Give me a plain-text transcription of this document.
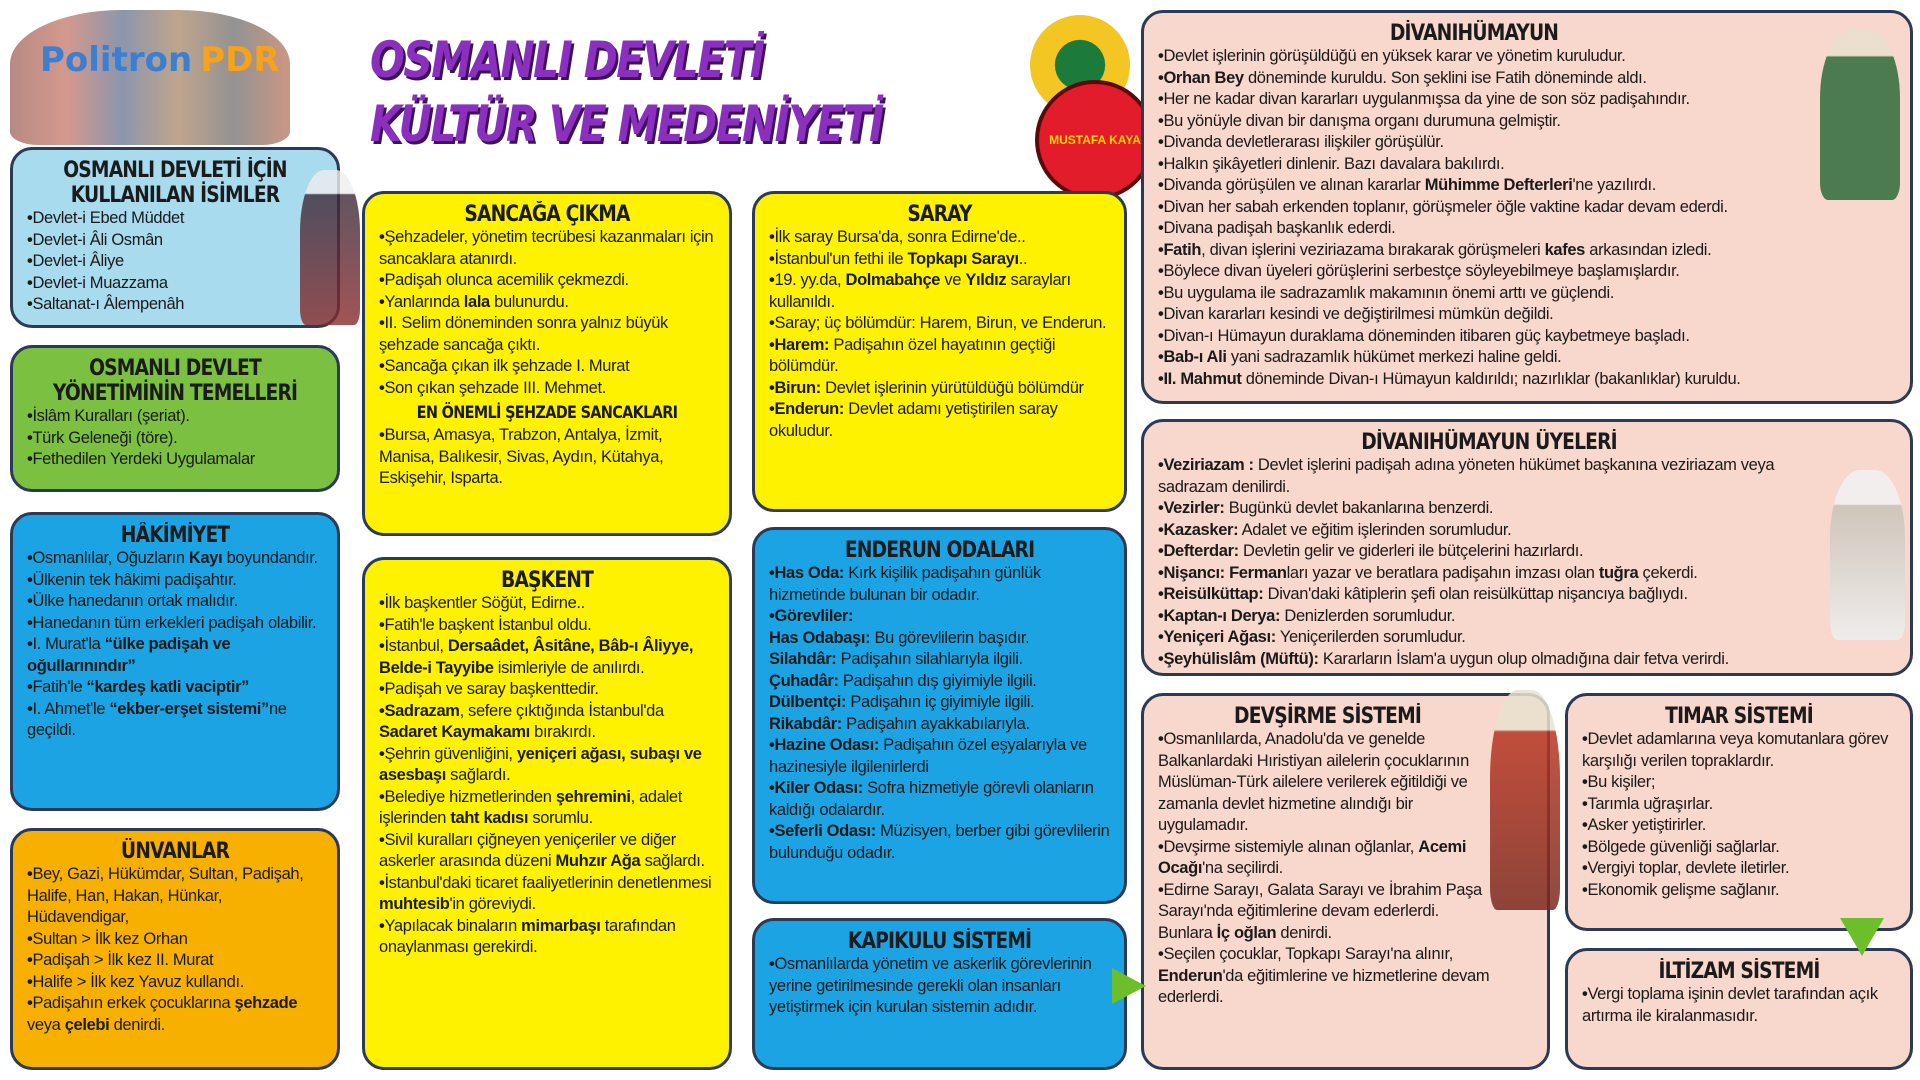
Politron PDR OSMANLI DEVLETİ
KÜLTÜR VE MEDENİYETİ	MUSTAFA KAYA
OSMANLI DEVLETİ İÇİN KULLANILAN İSİMLER
• Devlet-i Ebed Müddet
• Devlet-i Âli Osmân
• Devlet-i Âliye
• Devlet-i Muazzama
• Saltanat-ı Âlempenâh
OSMANLI DEVLET YÖNETİMİNİN TEMELLERİ
• İslâm Kuralları (şeriat).
• Türk Geleneği (töre).
• Fethedilen Yerdeki Uygulamalar
HÂKİMİYET
• Osmanlılar, Oğuzların Kayı boyundandır.
• Ülkenin tek hâkimi padişahtır.
• Ülke hanedanın ortak malıdır.
• Hanedanın tüm erkekleri padişah olabilir.
• I. Murat'la “ülke padişah ve oğullarınındır”
• Fatih'le “kardeş katli vaciptir”
• I. Ahmet'le “ekber-erşet sistemi”ne geçildi.
ÜNVANLAR
• Bey, Gazi, Hükümdar, Sultan, Padişah, Halife, Han, Hakan, Hünkar, Hüdavendigar,
• Sultan > İlk kez Orhan
• Padişah > İlk kez II. Murat
• Halife > İlk kez Yavuz kullandı.
• Padişahın erkek çocuklarına şehzade veya çelebi denirdi.
SANCAĞA ÇIKMA
• Şehzadeler, yönetim tecrübesi kazanmaları için sancaklara atanırdı.
• Padişah olunca acemilik çekmezdi.
• Yanlarında lala bulunurdu.
• II. Selim döneminden sonra yalnız büyük şehzade sancağa çıktı.
• Sancağa çıkan ilk şehzade I. Murat
• Son çıkan şehzade III. Mehmet.
EN ÖNEMLİ ŞEHZADE SANCAKLARI
• Bursa, Amasya, Trabzon, Antalya, İzmit, Manisa, Balıkesir, Sivas, Aydın, Kütahya, Eskişehir, Isparta.
BAŞKENT
• İlk başkentler Söğüt, Edirne..
• Fatih'le başkent İstanbul oldu.
• İstanbul, Dersaâdet, Âsitâne, Bâb-ı Âliyye, Belde-i Tayyibe isimleriyle de anılırdı.
• Padişah ve saray başkenttedir.
• Sadrazam, sefere çıktığında İstanbul'da Sadaret Kaymakamı bırakırdı.
• Şehrin güvenliğini, yeniçeri ağası, subaşı ve asesbaşı sağlardı.
• Belediye hizmetlerinden şehremini, adalet işlerinden taht kadısı sorumlu.
• Sivil kuralları çiğneyen yeniçeriler ve diğer askerler arasında düzeni Muhzır Ağa sağlardı.
• İstanbul'daki ticaret faaliyetlerinin denetlenmesi muhtesib'in göreviydi.
• Yapılacak binaların mimarbaşı tarafından onaylanması gerekirdi.
SARAY
• İlk saray Bursa'da, sonra Edirne'de..
• İstanbul'un fethi ile Topkapı Sarayı..
• 19. yy.da, Dolmabahçe ve Yıldız sarayları kullanıldı.
• Saray; üç bölümdür: Harem, Birun, ve Enderun.
• Harem: Padişahın özel hayatının geçtiği bölümdür.
• Birun: Devlet işlerinin yürütüldüğü bölümdür
• Enderun: Devlet adamı yetiştirilen saray okuludur.
ENDERUN ODALARI
• Has Oda: Kırk kişilik padişahın günlük hizmetinde bulunan bir odadır.
• Görevliler:
Has Odabaşı: Bu görevlilerin başıdır.
Silahdâr: Padişahın silahlarıyla ilgili.
Çuhadâr: Padişahın dış giyimiyle ilgili.
Dülbentçi: Padişahın iç giyimiyle ilgili.
Rikabdâr: Padişahın ayakkabılarıyla.
• Hazine Odası: Padişahın özel eşyalarıyla ve hazinesiyle ilgilenirlerdi
• Kiler Odası: Sofra hizmetiyle görevli olanların kaldığı odalardır.
• Seferli Odası: Müzisyen, berber gibi görevlilerin bulunduğu odadır.
KAPIKULU SİSTEMİ
• Osmanlılarda yönetim ve askerlik görevlerinin yerine getirilmesinde gerekli olan insanları yetiştirmek için kurulan sistemin adıdır.
DİVANIHÜMAYUN
• Devlet işlerinin görüşüldüğü en yüksek karar ve yönetim kuruludur.
• Orhan Bey döneminde kuruldu. Son şeklini ise Fatih döneminde aldı.
• Her ne kadar divan kararları uygulanmışsa da yine de son söz padişahındır.
• Bu yönüyle divan bir danışma organı durumuna gelmiştir.
• Divanda devletlerarası ilişkiler görüşülür.
• Halkın şikâyetleri dinlenir. Bazı davalara bakılırdı.
• Divanda görüşülen ve alınan kararlar Mühimme Defterleri'ne yazılırdı.
• Divan her sabah erkenden toplanır, görüşmeler öğle vaktine kadar devam ederdi.
• Divana padişah başkanlık ederdi.
• Fatih, divan işlerini veziriazama bırakarak görüşmeleri kafes arkasından izledi.
• Böylece divan üyeleri görüşlerini serbestçe söyleyebilmeye başlamışlardır.
• Bu uygulama ile sadrazamlık makamının önemi arttı ve güçlendi.
• Divan kararları kesindi ve değiştirilmesi mümkün değildi.
• Divan-ı Hümayun duraklama döneminden itibaren güç kaybetmeye başladı.
• Bab-ı Ali yani sadrazamlık hükümet merkezi haline geldi.
• II. Mahmut döneminde Divan-ı Hümayun kaldırıldı; nazırlıklar (bakanlıklar) kuruldu.
DİVANIHÜMAYUN ÜYELERİ
• Veziriazam : Devlet işlerini padişah adına yöneten hükümet başkanına veziriazam veya sadrazam denilirdi.
• Vezirler: Bugünkü devlet bakanlarına benzerdi.
• Kazasker: Adalet ve eğitim işlerinden sorumludur.
• Defterdar: Devletin gelir ve giderleri ile bütçelerini hazırlardı.
• Nişancı: Fermanları yazar ve beratlara padişahın imzası olan tuğra çekerdi.
• Reisülküttap: Divan'daki kâtiplerin şefi olan reisülküttap nişancıya bağlıydı.
• Kaptan-ı Derya: Denizlerden sorumludur.
• Yeniçeri Ağası: Yeniçerilerden sorumludur.
• Şeyhülislâm (Müftü): Kararların İslam'a uygun olup olmadığına dair fetva verirdi.
DEVŞİRME SİSTEMİ
• Osmanlılarda, Anadolu'da ve genelde Balkanlardaki Hıristiyan ailelerin çocuklarının Müslüman-Türk ailelere verilerek eğitildiği ve zamanla devlet hizmetine alındığı bir uygulamadır.
• Devşirme sistemiyle alınan oğlanlar, Acemi Ocağı'na seçilirdi.
• Edirne Sarayı, Galata Sarayı ve İbrahim Paşa Sarayı'nda eğitimlerine devam ederlerdi. Bunlara İç oğlan denirdi.
• Seçilen çocuklar, Topkapı Sarayı'na alınır, Enderun'da eğitimlerine ve hizmetlerine devam ederlerdi.
TIMAR SİSTEMİ
• Devlet adamlarına veya komutanlara görev karşılığı verilen topraklardır.
• Bu kişiler;
• Tarımla uğraşırlar.
• Asker yetiştirirler.
• Bölgede güvenliği sağlarlar.
• Vergiyi toplar, devlete iletirler.
• Ekonomik gelişme sağlanır.
İLTİZAM SİSTEMİ
• Vergi toplama işinin devlet tarafından açık artırma ile kiralanmasıdır.
